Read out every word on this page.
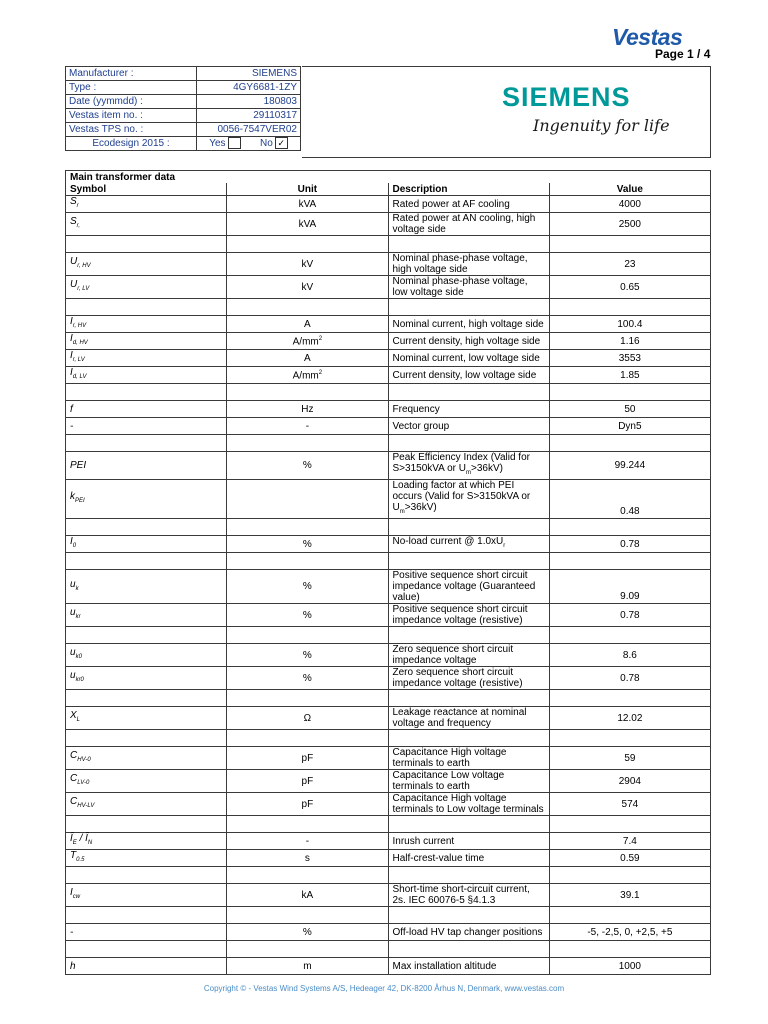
Vestas
Page 1 / 4
Manufacturer :	SIEMENS
Type :	4GY6681-1ZY
Date (yymmdd) :	180803
Vestas item no. :	29110317
Vestas TPS no. :	0056-7547VER02
Ecodesign 2015 :	Yes No ✓
SIEMENS
Ingenuity for life
Main transformer data			
Symbol	Unit	Description	Value
$S_r$	kVA	Rated power at AF cooling	4000
$S_{r,}$	kVA	Rated power at AN cooling, high voltage side	2500

$U_{r, HV}$	kV	Nominal phase-phase voltage, high voltage side	23
$U_{r, LV}$	kV	Nominal phase-phase voltage, low voltage side	0.65

$I_{r, HV}$	A	Nominal current, high voltage side	100.4
$I_{d, HV}$	$A/mm^2$	Current density, high voltage side	1.16
$I_{r, LV}$	A	Nominal current, low voltage side	3553
$I_{d, LV}$	$A/mm^2$	Current density, low voltage side	1.85

f	Hz	Frequency	50
-	-	Vector group	Dyn5

PEI	%	Peak Efficiency Index (Valid for S>3150kVA or $U_m>36kV$)	99.244
$k_{PEI}$		Loading factor at which PEI occurs (Valid for S>3150kVA or $U_m>36kV$)	0.48

$I_0$	%	No-load current @ $1.0xU_r$	0.78

$u_k$	%	Positive sequence short circuit impedance voltage (Guaranteed value)	9.09
$u_{kr}$	%	Positive sequence short circuit impedance voltage (resistive)	0.78

$u_{k0}$	%	Zero sequence short circuit impedance voltage	8.6
$u_{kr0}$	%	Zero sequence short circuit impedance voltage (resistive)	0.78

$X_L$	Ω	Leakage reactance at nominal voltage and frequency	12.02

$C_{HV-0}$	pF	Capacitance High voltage terminals to earth	59
$C_{LV-0}$	pF	Capacitance Low voltage terminals to earth	2904
$C_{HV-LV}$	pF	Capacitance High voltage terminals to Low voltage terminals	574

$Î_E$ / $Î_N$	-	Inrush current	7.4
$T_{0.5}$	s	Half-crest-value time	0.59

$I_{cw}$	kA	Short-time short-circuit current, 2s. IEC 60076-5 §4.1.3	39.1

-	%	Off-load HV tap changer positions	-5, -2,5, 0, +2,5, +5

h	m	Max installation altitude	1000
Copyright © - Vestas Wind Systems A/S, Hedeager 42, DK-8200 Århus N, Denmark, www.vestas.com
